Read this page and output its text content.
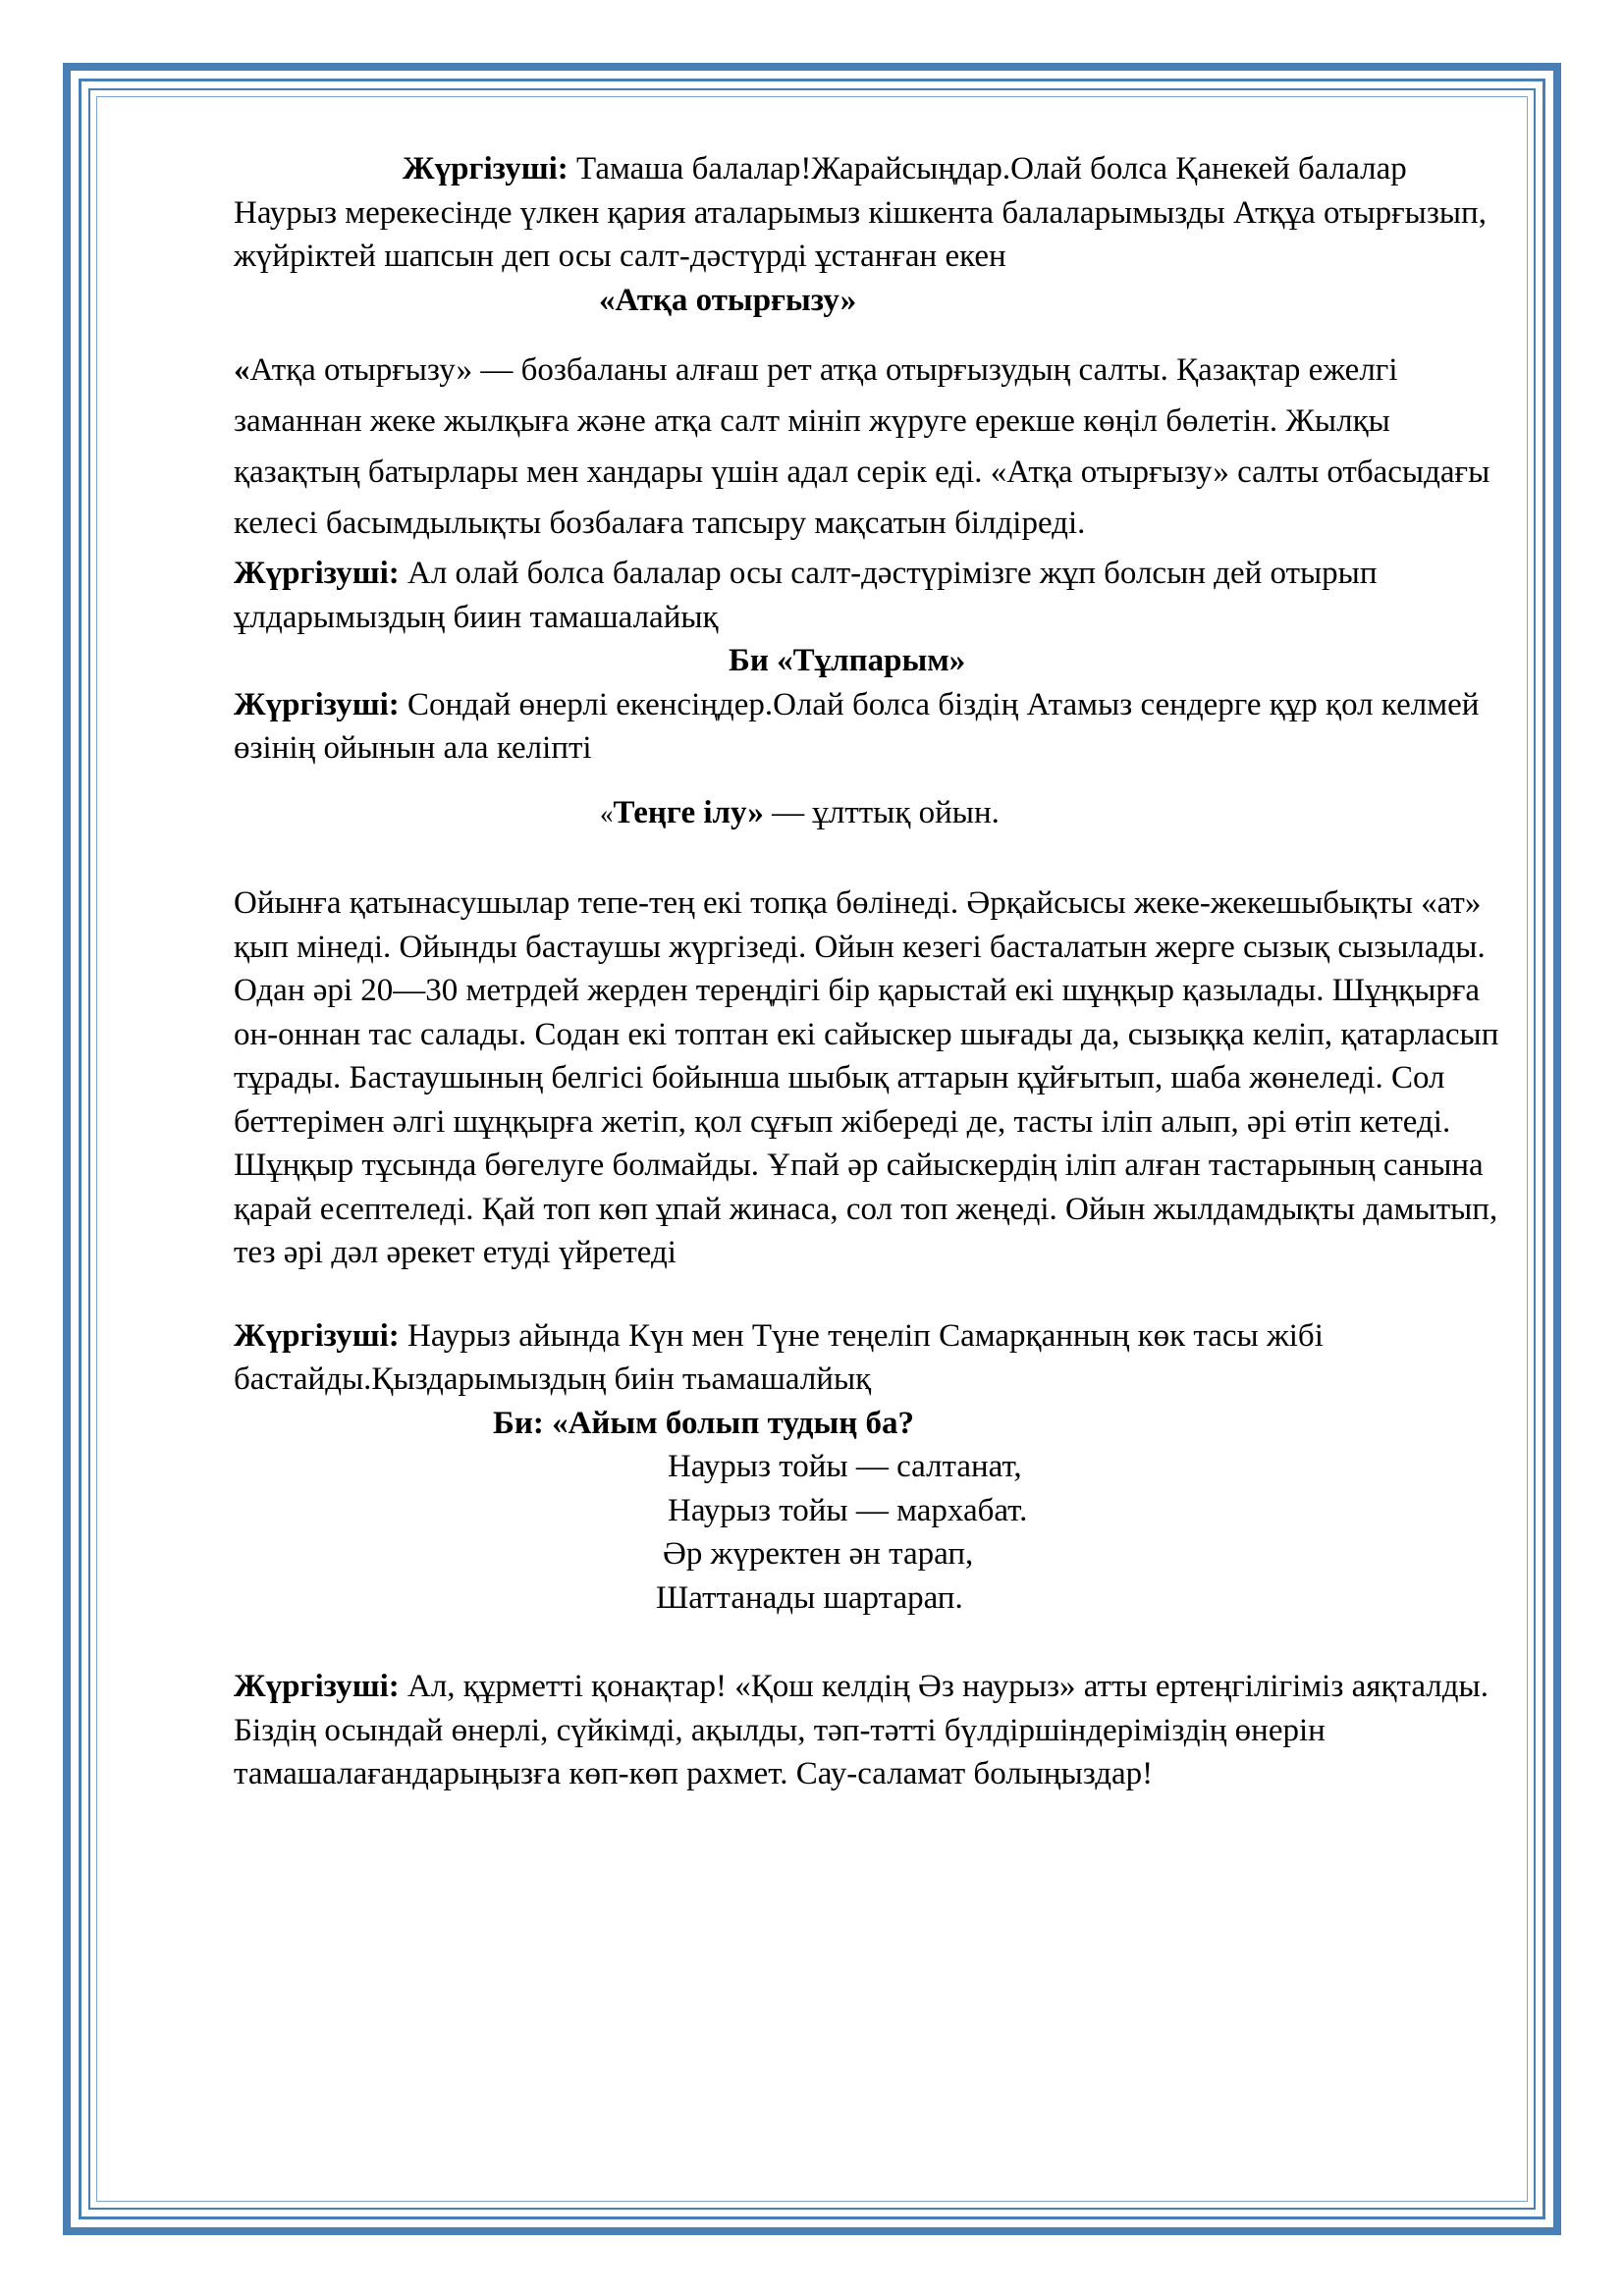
Жүргізуші: Тамаша балалар!Жарайсыңдар.Олай болса Қанекей балалар Наурыз мерекесінде үлкен қария аталарымыз кішкента балаларымызды Атқұа отырғызып, жүйріктей шапсын деп осы салт-дәстүрді ұстанған екен

«Атқа отырғызу»

«Атқа отырғызу» — бозбаланы алғаш рет атқа отырғызудың салты. Қазақтар ежелгі заманнан жеке жылқыға және атқа салт мініп жүруге ерекше көңіл бөлетін. Жылқы қазақтың батырлары мен хандары үшін адал серік еді. «Атқа отырғызу» салты отбасыдағы келесі басымдылықты бозбалаға тапсыру мақсатын білдіреді.

Жүргізуші: Ал олай болса балалар осы салт-дәстүрімізге жұп болсын дей отырып ұлдарымыздың биин тамашалайық

Би «Тұлпарым»

Жүргізуші: Сондай өнерлі екенсіңдер.Олай болса біздің Атамыз сендерге құр қол келмей өзінің ойынын ала келіпті

«Теңге ілу» — ұлттық ойын.

Ойынға қатынасушылар тепе-тең екі топқа бөлінеді. Әрқайсысы жеке-жекешыбықты «ат» қып мінеді. Ойынды бастаушы жүргізеді. Ойын кезегі басталатын жерге сызық сызылады. Одан әрі 20—30 метрдей жерден тереңдігі бір қарыстай екі шұңқыр қазылады. Шұңқырға он-оннан тас салады. Содан екі топтан екі сайыскер шығады да, сызыққа келіп, қатарласып тұрады. Бастаушының белгісі бойынша шыбық аттарын құйғытып, шаба жөнеледі. Сол беттерімен әлгі шұңқырға жетіп, қол сұғып жібереді де, тасты іліп алып, әрі өтіп кетеді. Шұңқыр тұсында бөгелуге болмайды. Ұпай әр сайыскердің іліп алған тастарының санына қарай есептеледі. Қай топ көп ұпай жинаса, сол топ жеңеді. Ойын жылдамдықты дамытып, тез әрі дәл әрекет етуді үйретеді

Жүргізуші: Наурыз айында Күн мен Түне теңеліп Самарқанның көк тасы жібі бастайды.Қыздарымыздың биін тьамашалйық

Би: «Айым болып тудың ба?

Наурыз тойы — салтанат,

Наурыз тойы — мархабат.

Әр жүректен ән тарап,

Шаттанады шартарап.

Жүргізуші: Ал, құрметті қонақтар! «Қош келдің Әз наурыз» атты ертеңгілігіміз аяқталды. Біздің осындай өнерлі, сүйкімді, ақылды, тәп-тәтті бүлдіршіндеріміздің өнерін тамашалағандарыңызға көп-көп рахмет. Сау-саламат болыңыздар!
